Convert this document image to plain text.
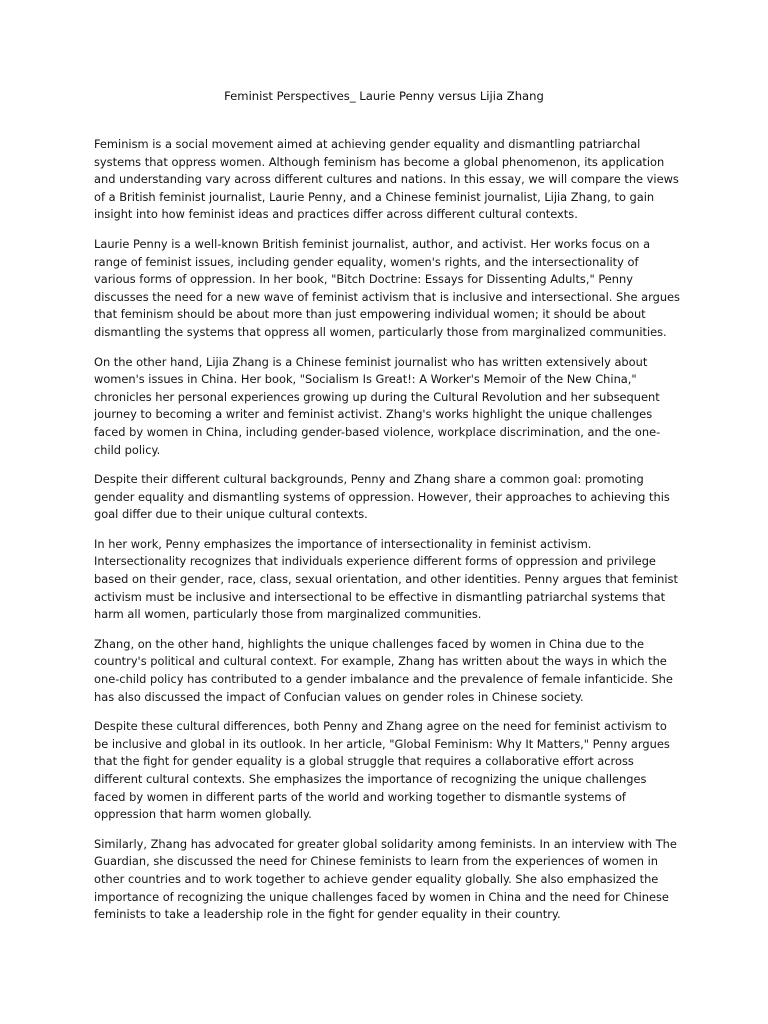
Feminist Perspectives_ Laurie Penny versus Lijia Zhang

Feminism is a social movement aimed at achieving gender equality and dismantling patriarchal systems that oppress women. Although feminism has become a global phenomenon, its application and understanding vary across different cultures and nations. In this essay, we will compare the views of a British feminist journalist, Laurie Penny, and a Chinese feminist journalist, Lijia Zhang, to gain insight into how feminist ideas and practices differ across different cultural contexts.

Laurie Penny is a well-known British feminist journalist, author, and activist. Her works focus on a range of feminist issues, including gender equality, women's rights, and the intersectionality of various forms of oppression. In her book, "Bitch Doctrine: Essays for Dissenting Adults," Penny discusses the need for a new wave of feminist activism that is inclusive and intersectional. She argues that feminism should be about more than just empowering individual women; it should be about dismantling the systems that oppress all women, particularly those from marginalized communities.

On the other hand, Lijia Zhang is a Chinese feminist journalist who has written extensively about women's issues in China. Her book, "Socialism Is Great!: A Worker's Memoir of the New China," chronicles her personal experiences growing up during the Cultural Revolution and her subsequent journey to becoming a writer and feminist activist. Zhang's works highlight the unique challenges faced by women in China, including gender-based violence, workplace discrimination, and the one-child policy.

Despite their different cultural backgrounds, Penny and Zhang share a common goal: promoting gender equality and dismantling systems of oppression. However, their approaches to achieving this goal differ due to their unique cultural contexts.

In her work, Penny emphasizes the importance of intersectionality in feminist activism. Intersectionality recognizes that individuals experience different forms of oppression and privilege based on their gender, race, class, sexual orientation, and other identities. Penny argues that feminist activism must be inclusive and intersectional to be effective in dismantling patriarchal systems that harm all women, particularly those from marginalized communities.

Zhang, on the other hand, highlights the unique challenges faced by women in China due to the country's political and cultural context. For example, Zhang has written about the ways in which the one-child policy has contributed to a gender imbalance and the prevalence of female infanticide. She has also discussed the impact of Confucian values on gender roles in Chinese society.

Despite these cultural differences, both Penny and Zhang agree on the need for feminist activism to be inclusive and global in its outlook. In her article, "Global Feminism: Why It Matters," Penny argues that the fight for gender equality is a global struggle that requires a collaborative effort across different cultural contexts. She emphasizes the importance of recognizing the unique challenges faced by women in different parts of the world and working together to dismantle systems of oppression that harm women globally.

Similarly, Zhang has advocated for greater global solidarity among feminists. In an interview with The Guardian, she discussed the need for Chinese feminists to learn from the experiences of women in other countries and to work together to achieve gender equality globally. She also emphasized the importance of recognizing the unique challenges faced by women in China and the need for Chinese feminists to take a leadership role in the fight for gender equality in their country.
